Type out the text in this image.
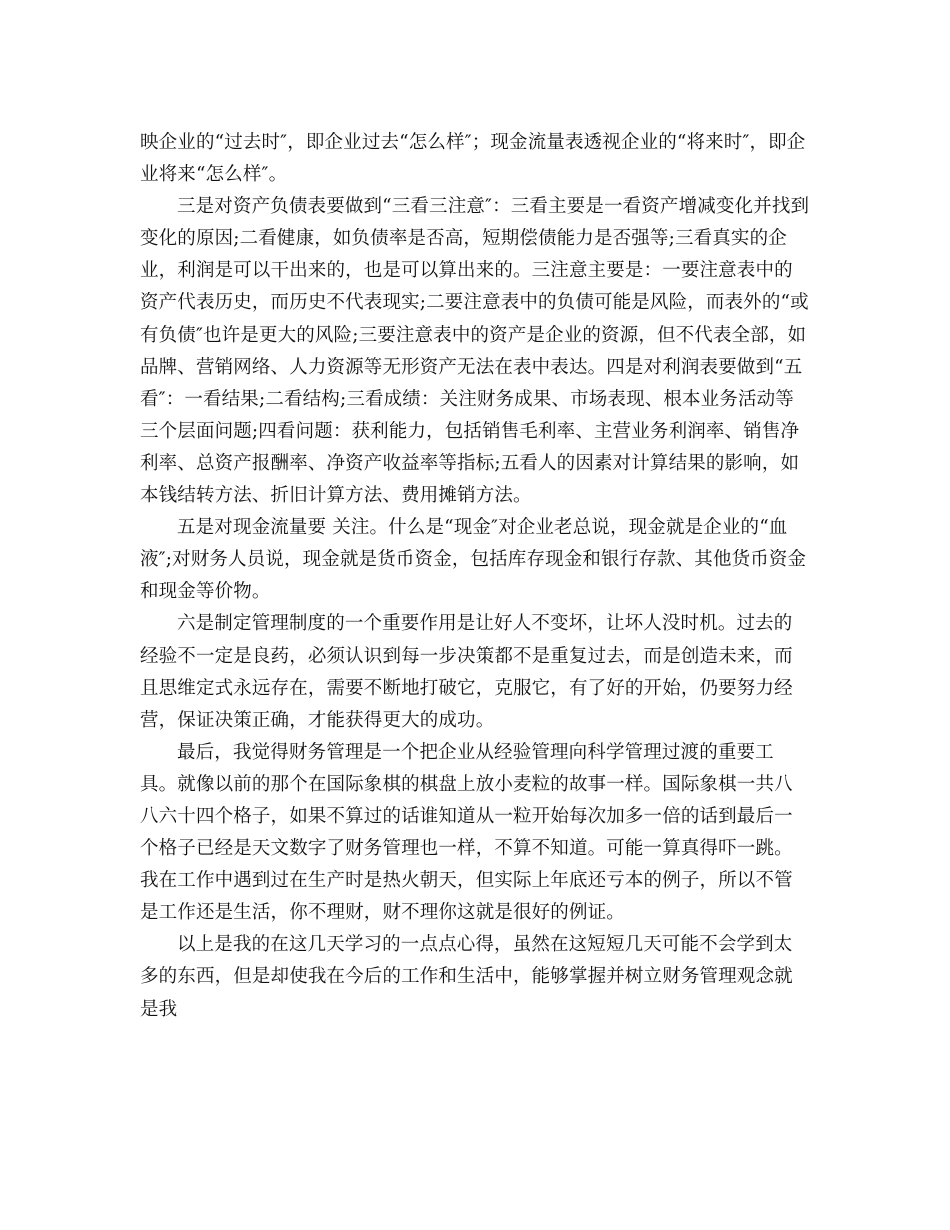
映企业的“过去时″，即企业过去“怎么样″；现金流量表透视企业的“将来时″，即企业将来“怎么样″。

三是对资产负债表要做到“三看三注意″：三看主要是一看资产增减变化并找到变化的原因;二看健康，如负债率是否高，短期偿债能力是否强等;三看真实的企业，利润是可以干出来的，也是可以算出来的。三注意主要是：一要注意表中的资产代表历史，而历史不代表现实;二要注意表中的负债可能是风险，而表外的“或有负债″也许是更大的风险;三要注意表中的资产是企业的资源，但不代表全部，如品牌、营销网络、人力资源等无形资产无法在表中表达。四是对利润表要做到“五看″：一看结果;二看结构;三看成绩：关注财务成果、市场表现、根本业务活动等三个层面问题;四看问题：获利能力，包括销售毛利率、主营业务利润率、销售净利率、总资产报酬率、净资产收益率等指标;五看人的因素对计算结果的影响，如本钱结转方法、折旧计算方法、费用摊销方法。

五是对现金流量要 关注。什么是“现金″对企业老总说，现金就是企业的“血液″;对财务人员说，现金就是货币资金，包括库存现金和银行存款、其他货币资金和现金等价物。

六是制定管理制度的一个重要作用是让好人不变坏，让坏人没时机。过去的经验不一定是良药，必须认识到每一步决策都不是重复过去，而是创造未来，而且思维定式永远存在，需要不断地打破它，克服它，有了好的开始，仍要努力经营，保证决策正确，才能获得更大的成功。

最后，我觉得财务管理是一个把企业从经验管理向科学管理过渡的重要工具。就像以前的那个在国际象棋的棋盘上放小麦粒的故事一样。国际象棋一共八八六十四个格子，如果不算过的话谁知道从一粒开始每次加多一倍的话到最后一个格子已经是天文数字了财务管理也一样，不算不知道。可能一算真得吓一跳。我在工作中遇到过在生产时是热火朝天，但实际上年底还亏本的例子，所以不管是工作还是生活，你不理财，财不理你这就是很好的例证。

以上是我的在这几天学习的一点点心得，虽然在这短短几天可能不会学到太多的东西，但是却使我在今后的工作和生活中，能够掌握并树立财务管理观念就是我
